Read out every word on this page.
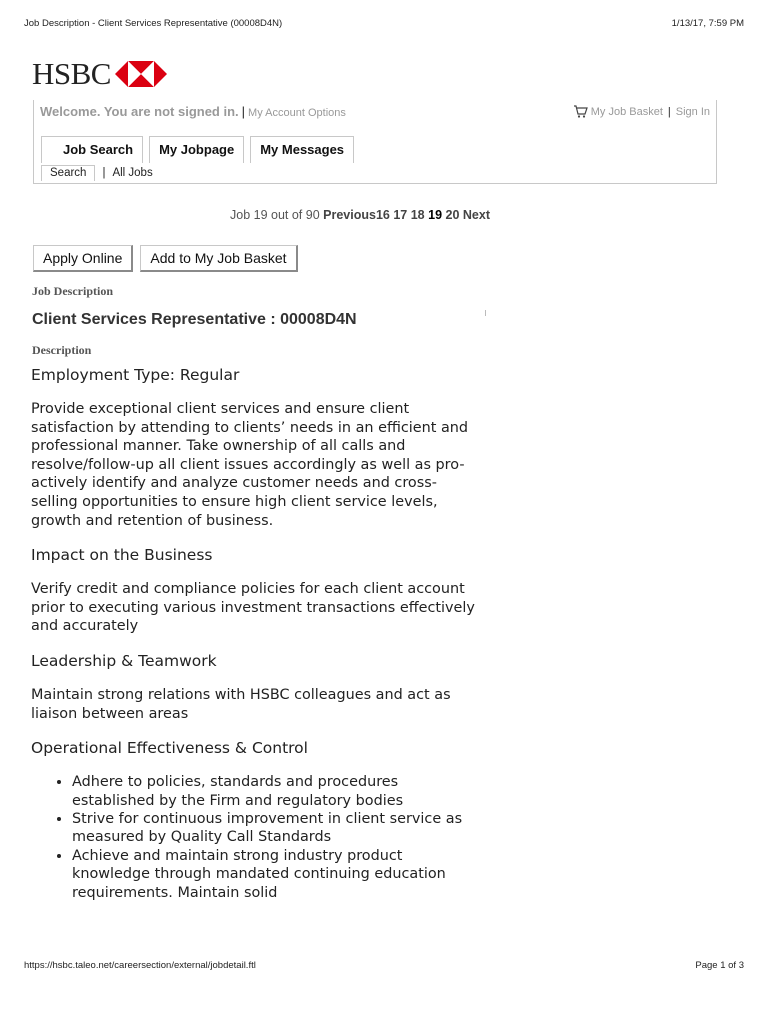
Job Description - Client Services Representative (00008D4N)	1/13/17, 7:59 PM
HSBC
Welcome. You are not signed in. | My Account Options	My Job Basket | Sign In
Job Search	My Jobpage	My Messages
Search	| All Jobs
Job 19 out of 90 Previous16 17 18 19 20 Next
Apply Online	Add to My Job Basket
Job Description
Client Services Representative : 00008D4N
Description
Employment Type: Regular

Provide exceptional client services and ensure client satisfaction by attending to clients’ needs in an efficient and professional manner. Take ownership of all calls and resolve/follow-up all client issues accordingly as well as pro-actively identify and analyze customer needs and cross-selling opportunities to ensure high client service levels, growth and retention of business.

Impact on the Business

Verify credit and compliance policies for each client account prior to executing various investment transactions effectively and accurately

Leadership & Teamwork

Maintain strong relations with HSBC colleagues and act as liaison between areas

Operational Effectiveness & Control
• Adhere to policies, standards and procedures established by the Firm and regulatory bodies
• Strive for continuous improvement in client service as measured by Quality Call Standards
• Achieve and maintain strong industry product knowledge through mandated continuing education requirements. Maintain solid
https://hsbc.taleo.net/careersection/external/jobdetail.ftl	Page 1 of 3
